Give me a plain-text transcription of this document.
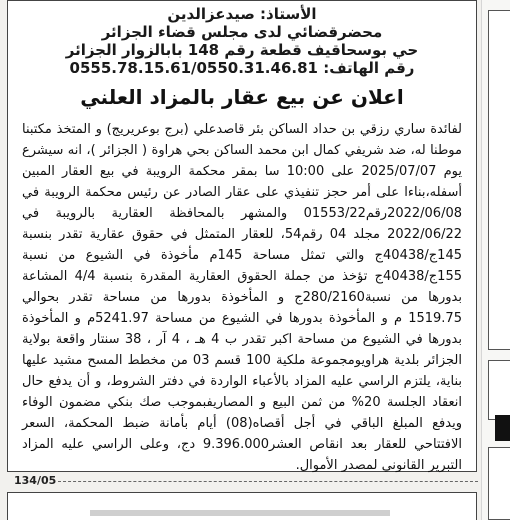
الأستاذ: صيدعزالدين
محضرقضائي لدى مجلس قضاء الجزائر
حي بوسحاقيف قطعة رقم 148 بابالزوار الجزائر
رقم الهاتف: 0555.78.15.61/0550.31.46.81
اعلان عن بيع عقار بالمزاد العلني

لفائدة ساري رزقي بن حداد الساكن بئر قاصدعلي (برج بوعريريج) و المتخذ مكتبنا موطنا له، ضد شريفي كمال ابن محمد الساكن بحي هراوة ( الجزائر )، انه سيشرع يوم 2025/07/07 على 10:00 سا بمقر محكمة الرويبة في بيع العقار المبين أسفله،بناءا على أمر حجز تنفيذي على عقار الصادر عن رئيس محكمة الرويبة في 2022/06/08رقم01553/22 والمشهر بالمحافظة العقارية بالرويبة في 2022/06/22 مجلد 04 رقم54، للعقار المتمثل في حقوق عقارية تقدر بنسبة 145ج/40438ج والتي تمثل مساحة 145م مأخوذة في الشيوع من نسبة 155ج/40438ج تؤخذ من جملة الحقوق العقارية المقدرة بنسبة 4/4 المشاعة بدورها من نسبة280/2160ج و المأخوذة بدورها من مساحة تقدر بحوالي 1519.75 م و المأخوذة بدورها في الشيوع من مساحة 5241.97م و المأخوذة بدورها في الشيوع من مساحة اكبر تقدر ب 4 هـ ، 4 آر ، 38 سنتار واقعة بولاية الجزائر بلدية هراويومجموعة ملكية 100 قسم 03 من مخطط المسح مشيد عليها بناية، يلتزم الراسي عليه المزاد بالأعباء الواردة في دفتر الشروط، و أن يدفع حال انعقاد الجلسة 20% من ثمن البيع و المصاريفبموجب صك بنكي مضمون الوفاء ويدفع المبلغ الباقي في أجل أقصاه(08) أيام بأمانة ضبط المحكمة، السعر الافتتاحي للعقار بعد انقاص العشر9.396.000 دج، وعلى الراسي عليه المزاد التبرير القانوني لمصدر الأموال.

134/05
